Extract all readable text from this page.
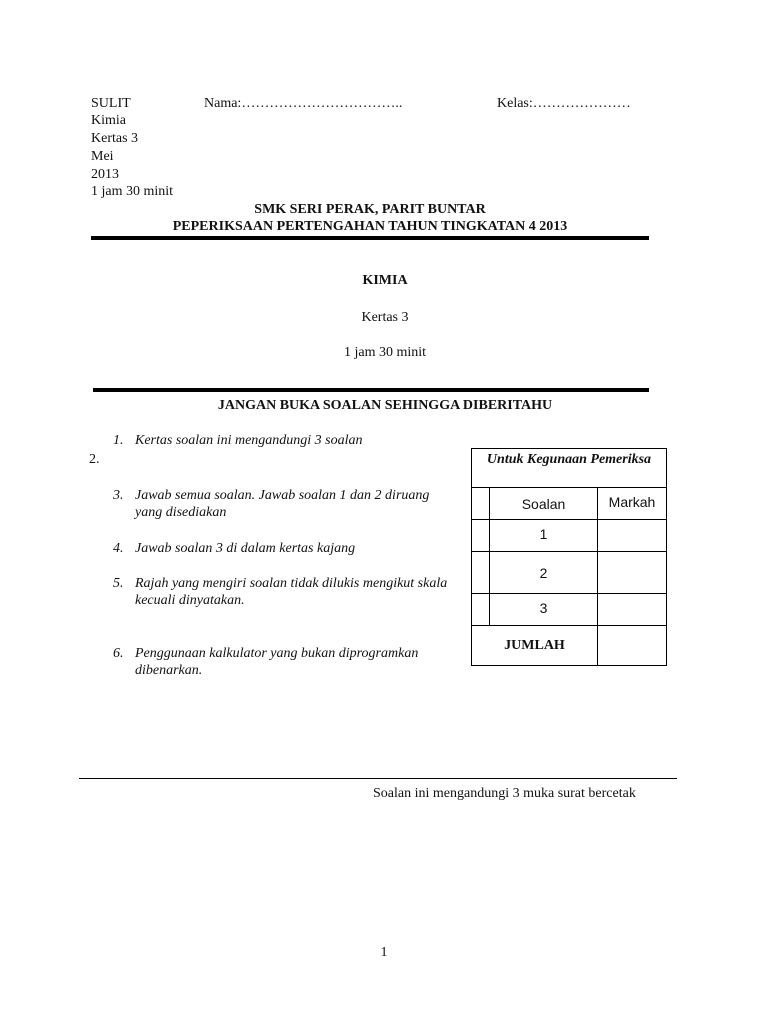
SULIT	Nama:……………………………..	Kelas:…………………
Kimia
Kertas 3
Mei
2013
1 jam 30 minit
SMK SERI PERAK, PARIT BUNTAR
PEPERIKSAAN PERTENGAHAN TAHUN TINGKATAN 4 2013
KIMIA
Kertas 3
1 jam 30 minit
JANGAN BUKA SOALAN SEHINGGA DIBERITAHU
1. Kertas soalan ini mengandungi 3 soalan
2.
3. Jawab semua soalan. Jawab soalan 1 dan 2 diruang yang disediakan
4. Jawab soalan 3 di dalam kertas kajang
5. Rajah yang mengiri soalan tidak dilukis mengikut skala kecuali dinyatakan.
6. Penggunaan kalkulator yang bukan diprogramkan dibenarkan.
Untuk Kegunaan Pemeriksa		
	Soalan	Markah
	1	
	2	
	3	
JUMLAH		
Soalan ini mengandungi 3 muka surat bercetak
1
